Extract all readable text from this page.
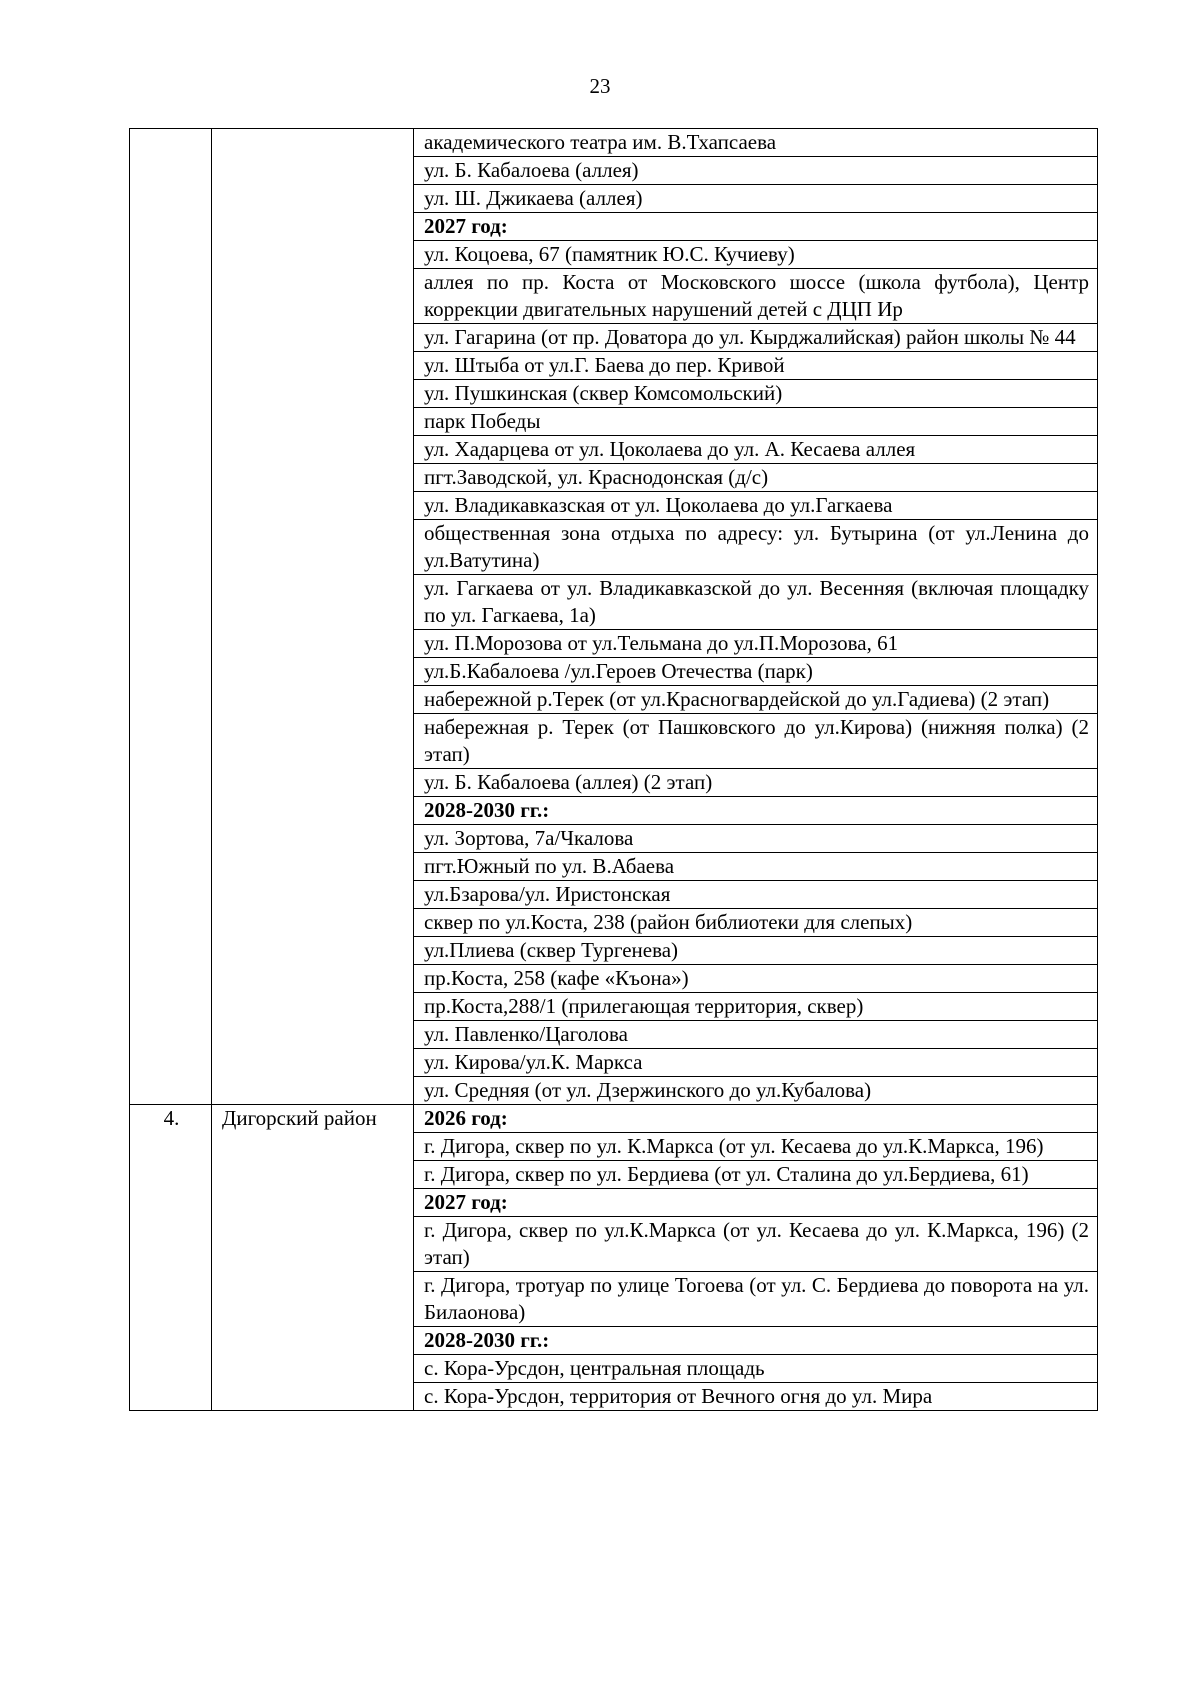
23
		академического театра им. В.Тхапсаева
		ул. Б. Кабалоева (аллея)
		ул. Ш. Джикаева (аллея)
		2027 год:
		ул. Коцоева, 67 (памятник Ю.С. Кучиеву)
		аллея по пр. Коста от Московского шоссе (школа футбола), Центр коррекции двигательных нарушений детей с ДЦП Ир
		ул. Гагарина (от пр. Доватора до ул. Кырджалийская) район школы № 44
		ул. Штыба от ул.Г. Баева до пер. Кривой
		ул. Пушкинская (сквер Комсомольский)
		парк Победы
		ул. Хадарцева от ул. Цоколаева до ул. А. Кесаева аллея
		пгт.Заводской, ул. Краснодонская (д/с)
		ул. Владикавказская от ул. Цоколаева до ул.Гагкаева
		общественная зона отдыха по адресу: ул. Бутырина (от ул.Ленина до ул.Ватутина)
		ул. Гагкаева от ул. Владикавказской до ул. Весенняя (включая площадку по ул. Гагкаева, 1а)
		ул. П.Морозова от ул.Тельмана до ул.П.Морозова, 61
		ул.Б.Кабалоева /ул.Героев Отечества (парк)
		набережной р.Терек (от ул.Красногвардейской до ул.Гадиева) (2 этап)
		набережная р. Терек (от Пашковского до ул.Кирова) (нижняя полка) (2 этап)
		ул. Б. Кабалоева (аллея) (2 этап)
		2028-2030 гг.:
		ул. Зортова, 7а/Чкалова
		пгт.Южный по ул. В.Абаева
		ул.Бзарова/ул. Иристонская
		сквер по ул.Коста, 238 (район библиотеки для слепых)
		ул.Плиева (сквер Тургенева)
		пр.Коста, 258 (кафе «Къона»)
		пр.Коста,288/1 (прилегающая территория, сквер)
		ул. Павленко/Цаголова
		ул. Кирова/ул.К. Маркса
		ул. Средняя (от ул. Дзержинского до ул.Кубалова)
4.	Дигорский район	2026 год:
		г. Дигора, сквер по ул. К.Маркса (от ул. Кесаева до ул.К.Маркса, 196)
		г. Дигора, сквер по ул. Бердиева (от ул. Сталина до ул.Бердиева, 61)
		2027 год:
		г. Дигора, сквер по ул.К.Маркса (от ул. Кесаева до ул. К.Маркса, 196) (2 этап)
		г. Дигора, тротуар по улице Тогоева (от ул. С. Бердиева до поворота на ул. Билаонова)
		2028-2030 гг.:
		с. Кора-Урсдон, центральная площадь
		с. Кора-Урсдон, территория от Вечного огня до ул. Мира
